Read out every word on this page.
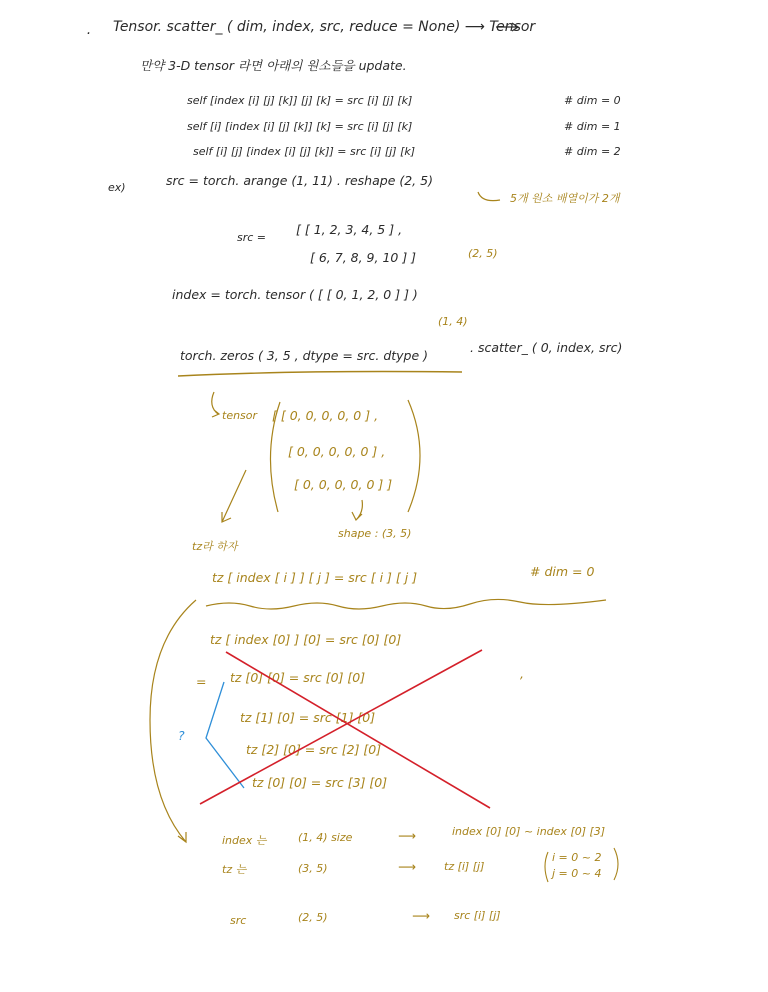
· Tensor. scatter_ ( dim, index, src, reduce = None) ⟶ Tensor
만약 3-D tensor 라면 아래의 원소들을 update.
self [index [i] [j] [k]] [j] [k] = src [i] [j] [k]	# dim = 0
self [i] [index [i] [j] [k]] [k] = src [i] [j] [k]	# dim = 1
self [i] [j] [index [i] [j] [k]] = src [i] [j] [k]	# dim = 2
ex)	src = torch. arange (1, 11) . reshape (2, 5)
5개 원소 배열이가 2개
src =
[ [ 1, 2, 3, 4, 5 ] ,
[ 6, 7, 8, 9, 10 ] ]	(2, 5)
index = torch. tensor ( [ [ 0, 1, 2, 0 ] ] )
(1, 4)
torch. zeros ( 3, 5 , dtype = src. dtype )
. scatter_ ( 0, index, src)
tensor [ [ 0, 0, 0, 0, 0 ] ,
[ 0, 0, 0, 0, 0 ] ,
[ 0, 0, 0, 0, 0 ] ]
tz라 하자
shape : (3, 5)
tz [ index [ i ] ] [ j ] = src [ i ] [ j ]	# dim = 0
tz [ index [0] ] [0] = src [0] [0]
= tz [0] [0] = src [0] [0]	,
tz [1] [0] = src [1] [0]
tz [2] [0] = src [2] [0]
tz [0] [0] = src [3] [0]
?
index 는	(1, 4) size	⟶	index [0] [0] ~ index [0] [3]
tz 는	(3, 5)	⟶	tz [i] [j]
i = 0 ~ 2
j = 0 ~ 4
src	(2, 5)	⟶ src [i] [j]
